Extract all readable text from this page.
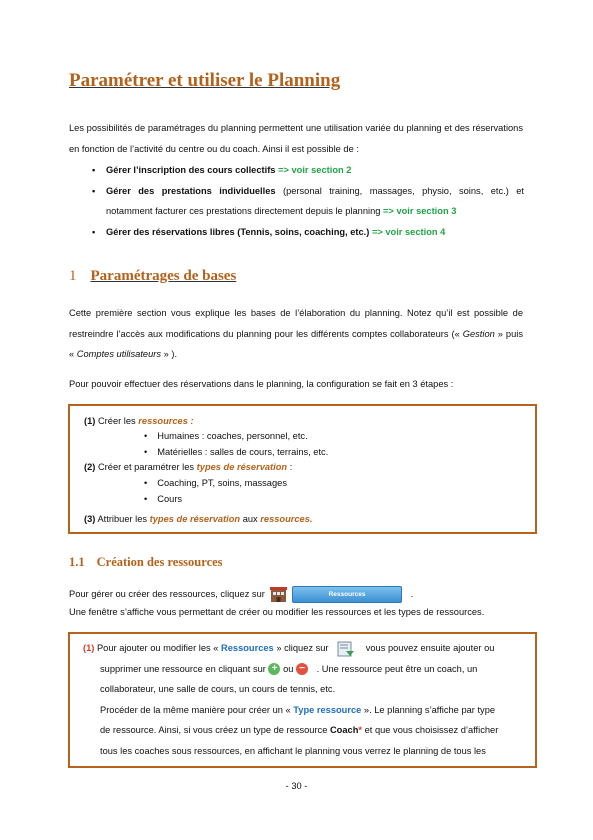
Paramétrer et utiliser le Planning
Les possibilités de paramétrages du planning permettent une utilisation variée du planning et des réservations en fonction de l’activité du centre ou du coach. Ainsi il est possible de :
• Gérer l’inscription des cours collectifs => voir section 2
• Gérer des prestations individuelles (personal training, massages, physio, soins, etc.) et notamment facturer ces prestations directement depuis le planning => voir section 3
• Gérer des réservations libres (Tennis, soins, coaching, etc.) => voir section 4
1 Paramétrages de bases
Cette première section vous explique les bases de l’élaboration du planning. Notez qu’il est possible de restreindre l’accès aux modifications du planning pour les différents comptes collaborateurs (« Gestion » puis « Comptes utilisateurs » ).
Pour pouvoir effectuer des réservations dans le planning, la configuration se fait en 3 étapes :
(1) Créer les ressources :
• Humaines : coaches, personnel, etc.
• Matérielles : salles de cours, terrains, etc.
(2) Créer et paramétrer les types de réservation :
• Coaching, PT, soins, massages
• Cours
(3) Attribuer les types de réservation aux ressources.
1.1 Création des ressources
Pour gérer ou créer des ressources, cliquez sur	Ressources	.
Une fenêtre s’affiche vous permettant de créer ou modifier les ressources et les types de ressources.
(1) Pour ajouter ou modifier les « Ressources » cliquez sur	vous pouvez ensuite ajouter ou
supprimer une ressource en cliquant sur + ou − . Une ressource peut être un coach, un
collaborateur, une salle de cours, un cours de tennis, etc.
Procéder de la même manière pour créer un « Type ressource ». Le planning s’affiche par type
de ressource. Ainsi, si vous créez un type de ressource Coach* et que vous choisissez d’afficher
tous les coaches sous ressources, en affichant le planning vous verrez le planning de tous les
- 30 -
